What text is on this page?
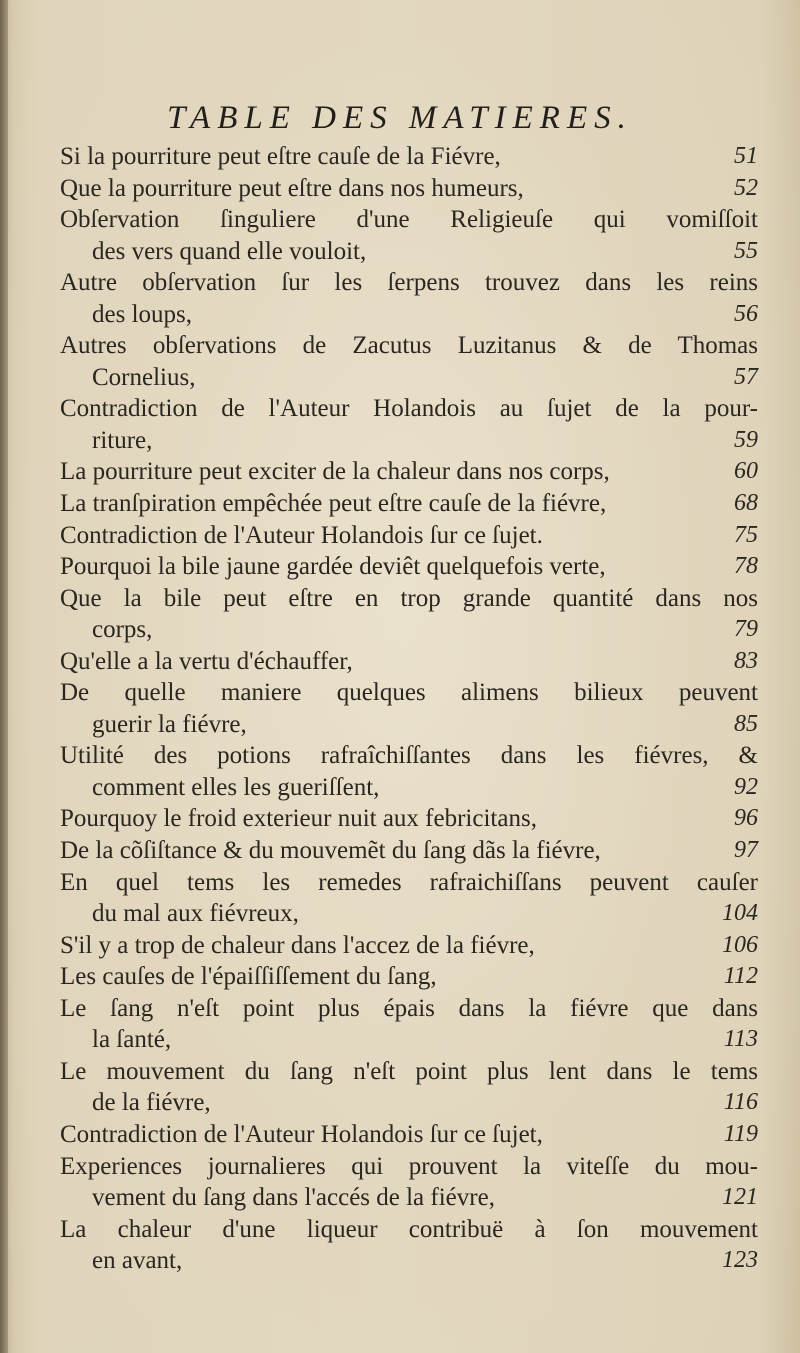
TABLE DES MATIERES.
Si la pourriture peut eſtre cauſe de la Fiévre,	51
Que la pourriture peut eſtre dans nos humeurs,	52
Obſervation ſinguliere d'une Religieuſe qui vomiſſoit
des vers quand elle vouloit,	55
Autre obſervation ſur les ſerpens trouvez dans les reins
des loups,	56
Autres obſervations de Zacutus Luzitanus & de Thomas
Cornelius,	57
Contradiction de l'Auteur Holandois au ſujet de la pour-
riture,	59
La pourriture peut exciter de la chaleur dans nos corps,	60
La tranſpiration empêchée peut eſtre cauſe de la fiévre,	68
Contradiction de l'Auteur Holandois ſur ce ſujet.	75
Pourquoi la bile jaune gardée deviêt quelquefois verte,	78
Que la bile peut eſtre en trop grande quantité dans nos
corps,	79
Qu'elle a la vertu d'échauffer,	83
De quelle maniere quelques alimens bilieux peuvent
guerir la fiévre,	85
Utilité des potions rafraîchiſſantes dans les fiévres, &
comment elles les gueriſſent,	92
Pourquoy le froid exterieur nuit aux febricitans,	96
De la cõſiſtance & du mouvemẽt du ſang dãs la fiévre,	97
En quel tems les remedes rafraichiſſans peuvent cauſer
du mal aux fiévreux,	104
S'il y a trop de chaleur dans l'accez de la fiévre,	106
Les cauſes de l'épaiſſiſſement du ſang,	112
Le ſang n'eſt point plus épais dans la fiévre que dans
la ſanté,	113
Le mouvement du ſang n'eſt point plus lent dans le tems
de la fiévre,	116
Contradiction de l'Auteur Holandois ſur ce ſujet,	119
Experiences journalieres qui prouvent la viteſſe du mou-
vement du ſang dans l'accés de la fiévre,	121
La chaleur d'une liqueur contribuë à ſon mouvement
en avant,	123
